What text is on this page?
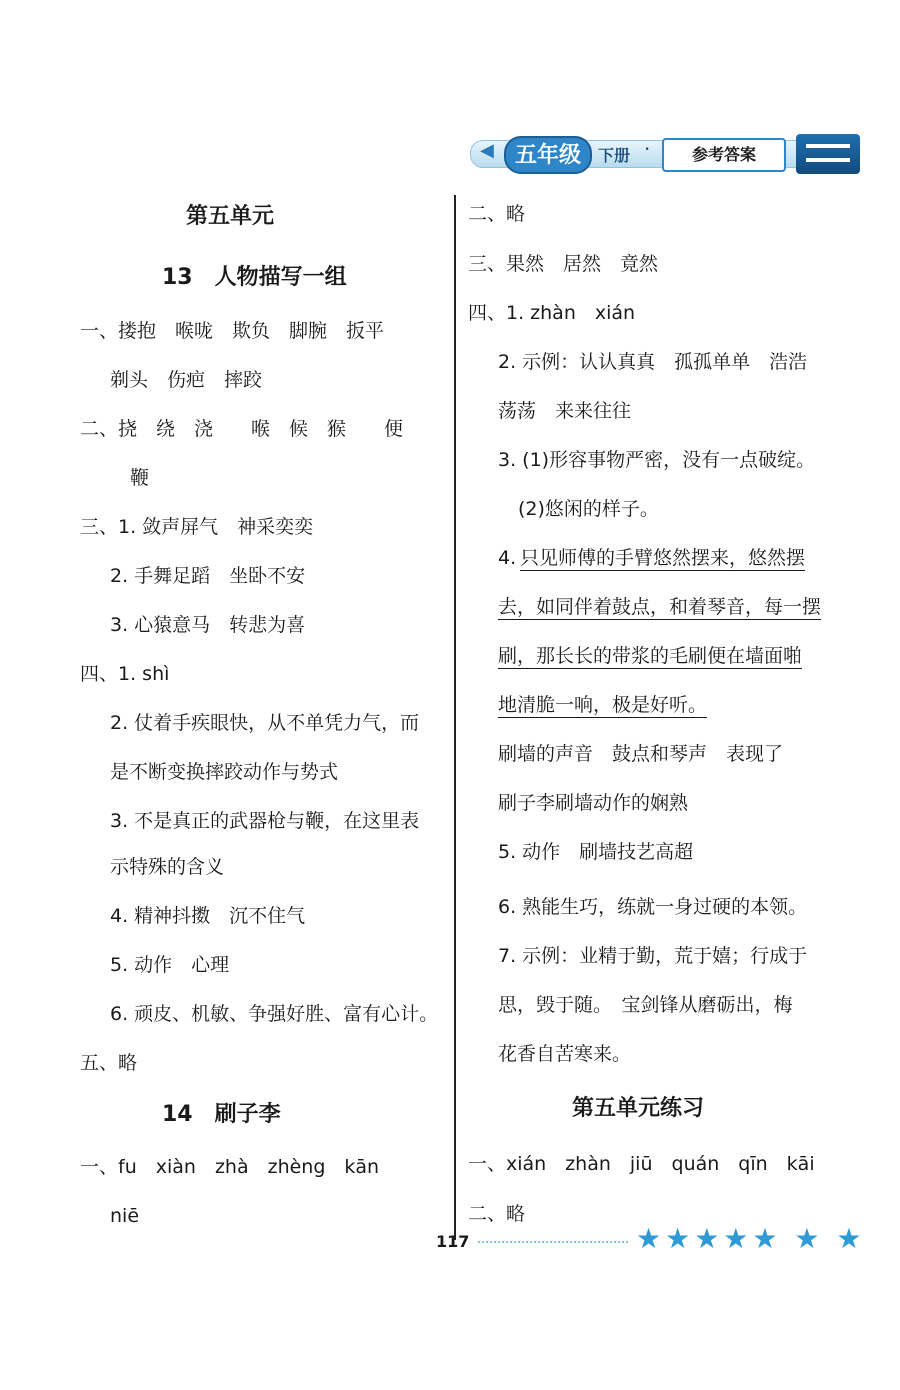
◀ 五年级	下册 ·	参考答案
第五单元
13　人物描写一组
一、搂抱　喉咙　欺负　脚腕　扳平
剃头　伤疤　摔跤
二、挠　绕　浇　　喉　候　猴　　便
鞭
三、1. 敛声屏气　神采奕奕
2. 手舞足蹈　坐卧不安
3. 心猿意马　转悲为喜
四、1. shì
2. 仗着手疾眼快，从不单凭力气，而
是不断变换摔跤动作与势式
3. 不是真正的武器枪与鞭，在这里表
示特殊的含义
4. 精神抖擞　沉不住气
5. 动作　心理
6. 顽皮、机敏、争强好胜、富有心计。
五、略
14　刷子李
一、fu　xiàn　zhà　zhèng　kān
niē
二、略
三、果然　居然　竟然
四、1. zhàn　xián
2. 示例：认认真真　孤孤单单　浩浩
荡荡　来来往往
3. (1)形容事物严密，没有一点破绽。
(2)悠闲的样子。
4. 只见师傅的手臂悠然摆来，悠然摆
去，如同伴着鼓点，和着琴音，每一摆
刷，那长长的带浆的毛刷便在墙面啪
地清脆一响，极是好听。
刷墙的声音　鼓点和琴声　表现了
刷子李刷墙动作的娴熟
5. 动作　刷墙技艺高超
6. 熟能生巧，练就一身过硬的本领。
7. 示例：业精于勤，荒于嬉；行成于
思，毁于随。　宝剑锋从磨砺出，梅
花香自苦寒来。
第五单元练习
一、xián　zhàn　jiū　quán　qīn　kāi
二、略
117	★★★★★ ★ ★
